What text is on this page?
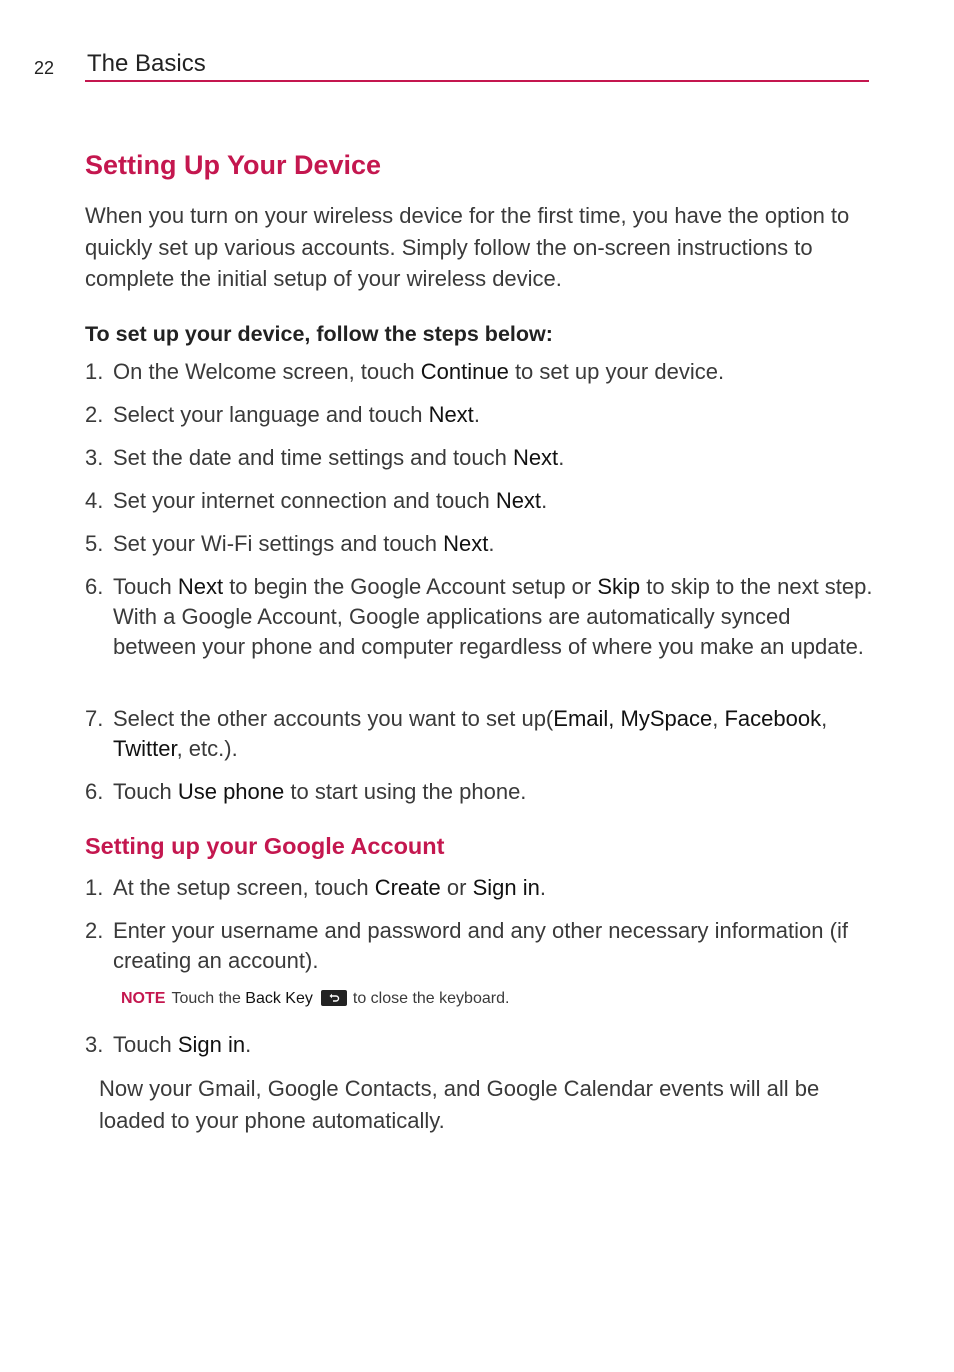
22 The Basics
Setting Up Your Device

When you turn on your wireless device for the first time, you have the option to quickly set up various accounts. Simply follow the on-screen instructions to complete the initial setup of your wireless device.

To set up your device, follow the steps below:
1. On the Welcome screen, touch Continue to set up your device.
2. Select your language and touch Next.
3. Set the date and time settings and touch Next.
4. Set your internet connection and touch Next.
5. Set your Wi-Fi settings and touch Next.
6. Touch Next to begin the Google Account setup or Skip to skip to the next step. With a Google Account, Google applications are automatically synced between your phone and computer regardless of where you make an update.
7. Select the other accounts you want to set up(Email, MySpace, Facebook, Twitter, etc.).
6. Touch Use phone to start using the phone.
Setting up your Google Account
1. At the setup screen, touch Create or Sign in.
2. Enter your username and password and any other necessary information (if creating an account).
NOTE Touch the Back Key	to close the keyboard.
3. Touch Sign in.

Now your Gmail, Google Contacts, and Google Calendar events will all be loaded to your phone automatically.
